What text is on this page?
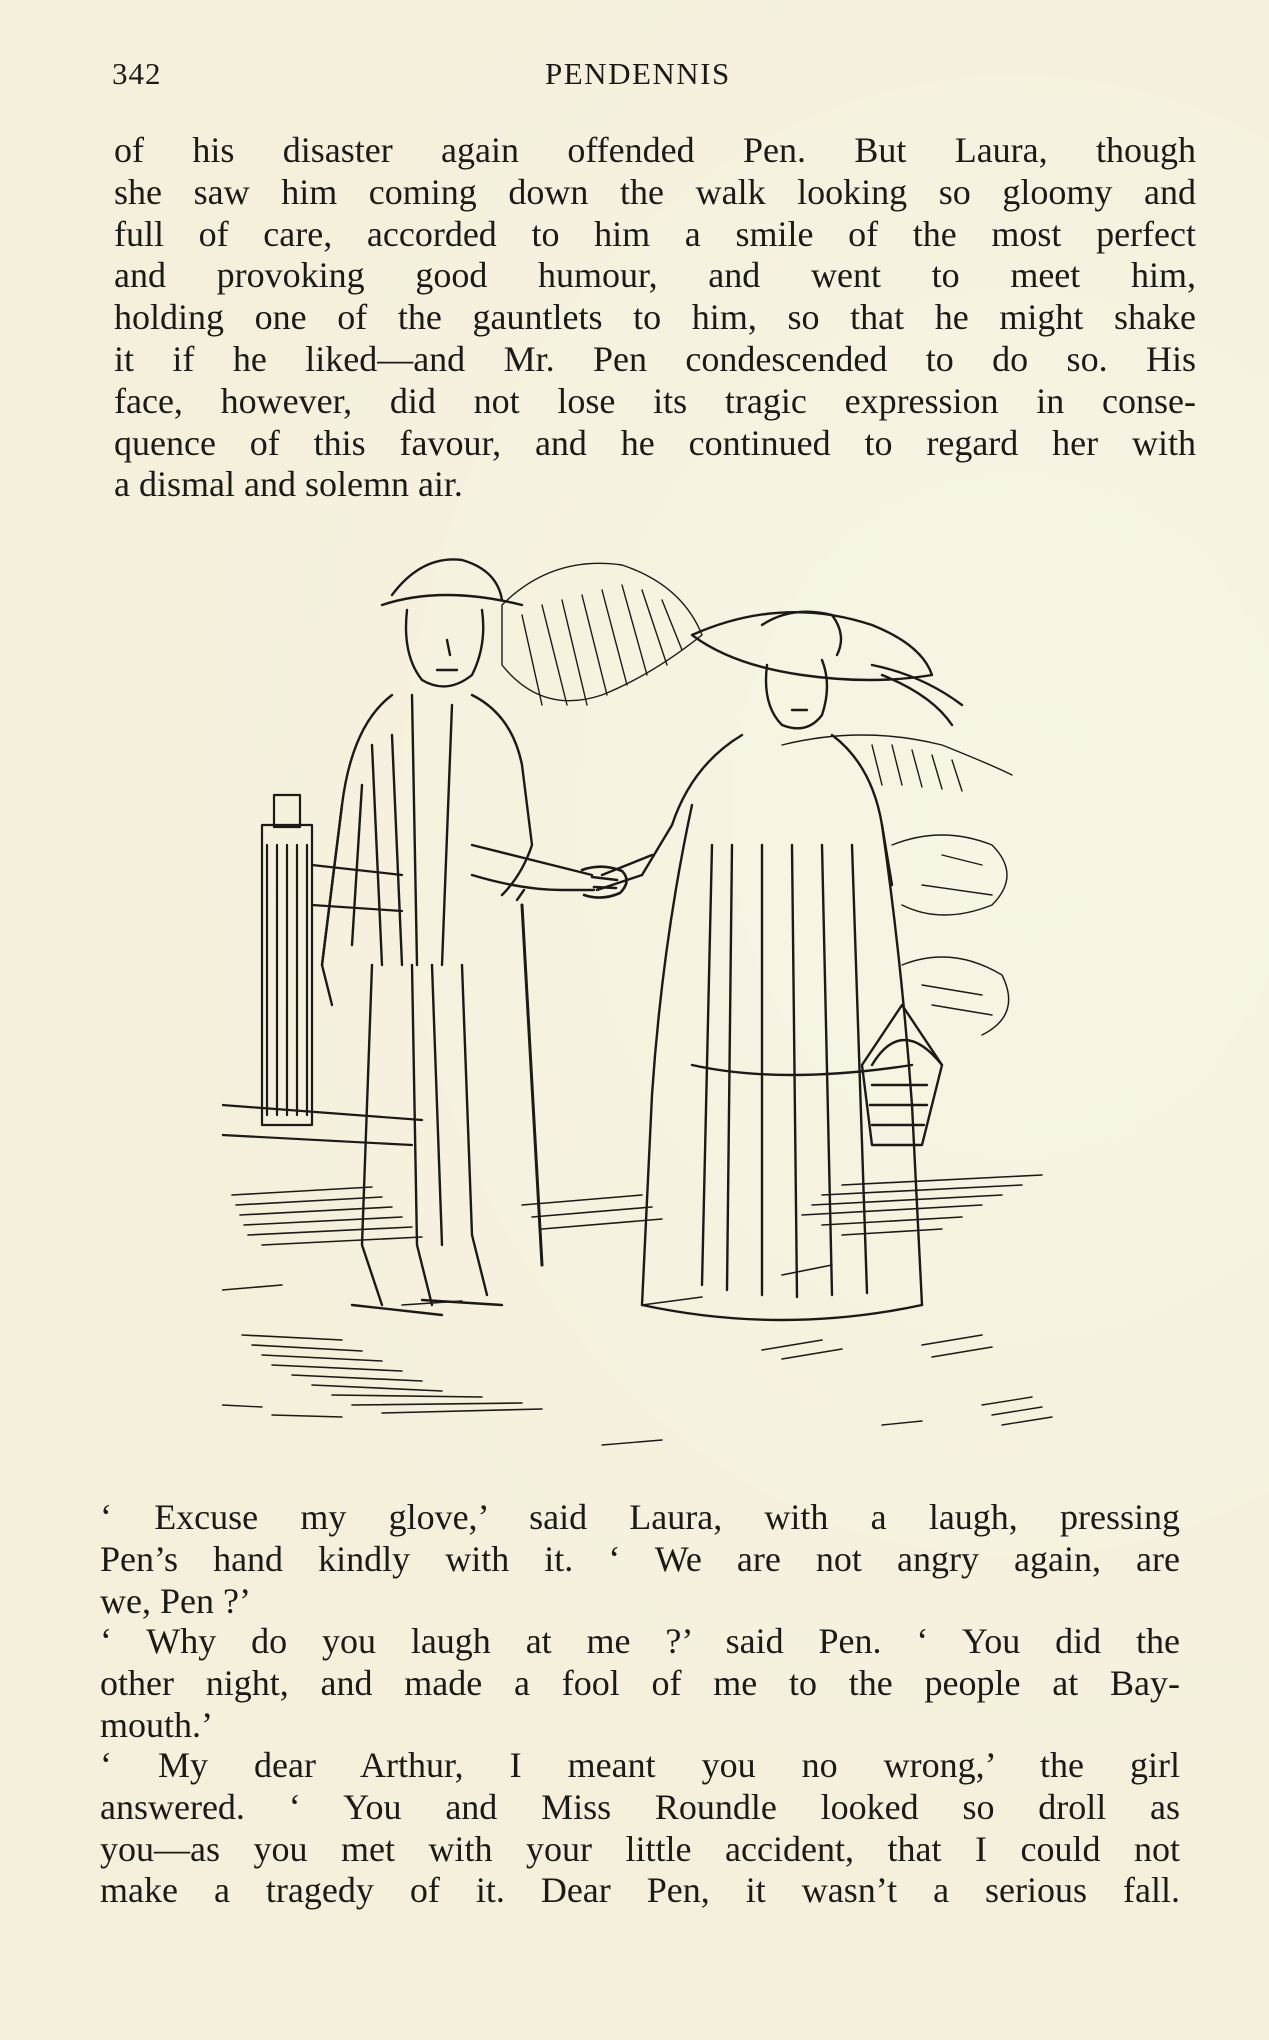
342	PENDENNIS

of his disaster again offended Pen. But Laura, though
she saw him coming down the walk looking so gloomy and
full of care, accorded to him a smile of the most perfect
and provoking good humour, and went to meet him,
holding one of the gauntlets to him, so that he might shake
it if he liked—and Mr. Pen condescended to do so. His
face, however, did not lose its tragic expression in conse-
quence of this favour, and he continued to regard her with
a dismal and solemn air.

‘ Excuse my glove,’ said Laura, with a laugh, pressing
Pen’s hand kindly with it. ‘ We are not angry again, are
we, Pen ?’

‘ Why do you laugh at me ?’ said Pen. ‘ You did the
other night, and made a fool of me to the people at Bay-
mouth.’

‘ My dear Arthur, I meant you no wrong,’ the girl
answered. ‘ You and Miss Roundle looked so droll as
you—as you met with your little accident, that I could not
make a tragedy of it. Dear Pen, it wasn’t a serious fall.
